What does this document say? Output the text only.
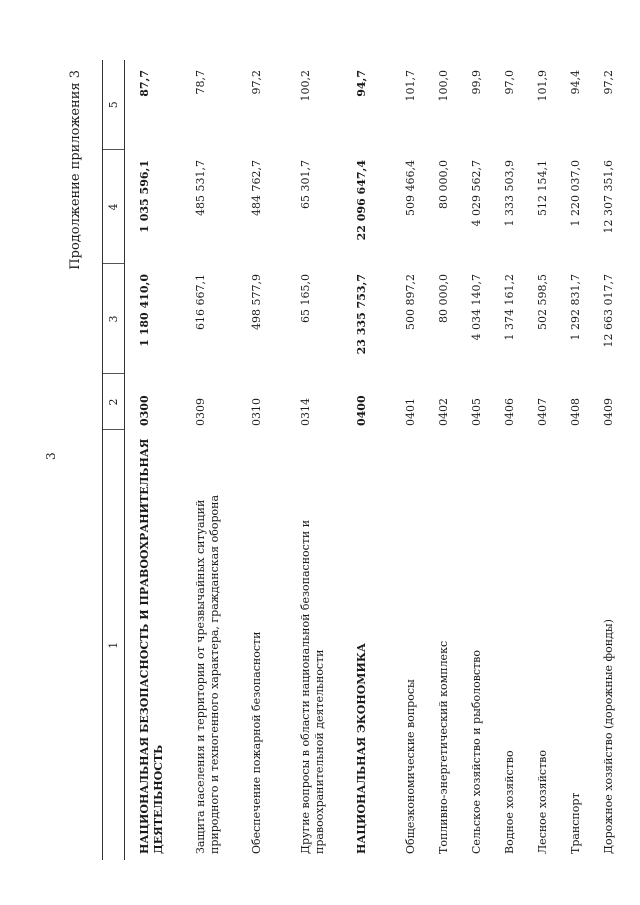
3
Продолжение приложения 3
1	2	3	4	5
НАЦИОНАЛЬНАЯ БЕЗОПАСНОСТЬ И ПРАВООХРАНИТЕЛЬНАЯ ДЕЯТЕЛЬНОСТЬ	0300	1 180 410,0	1 035 596,1	87,7
Защита населения и территории от чрезвычайных ситуаций природного и техногенного характера, гражданская оборона	0309	616 667,1	485 531,7	78,7
Обеспечение пожарной безопасности	0310	498 577,9	484 762,7	97,2
Другие вопросы в области национальной безопасности и правоохранительной деятельности	0314	65 165,0	65 301,7	100,2
НАЦИОНАЛЬНАЯ ЭКОНОМИКА	0400	23 335 753,7	22 096 647,4	94,7
Общеэкономические вопросы	0401	500 897,2	509 466,4	101,7
Топливно-энергетический комплекс	0402	80 000,0	80 000,0	100,0
Сельское хозяйство и рыболовство	0405	4 034 140,7	4 029 562,7	99,9
Водное хозяйство	0406	1 374 161,2	1 333 503,9	97,0
Лесное хозяйство	0407	502 598,5	512 154,1	101,9
Транспорт	0408	1 292 831,7	1 220 037,0	94,4
Дорожное хозяйство (дорожные фонды)	0409	12 663 017,7	12 307 351,6	97,2
